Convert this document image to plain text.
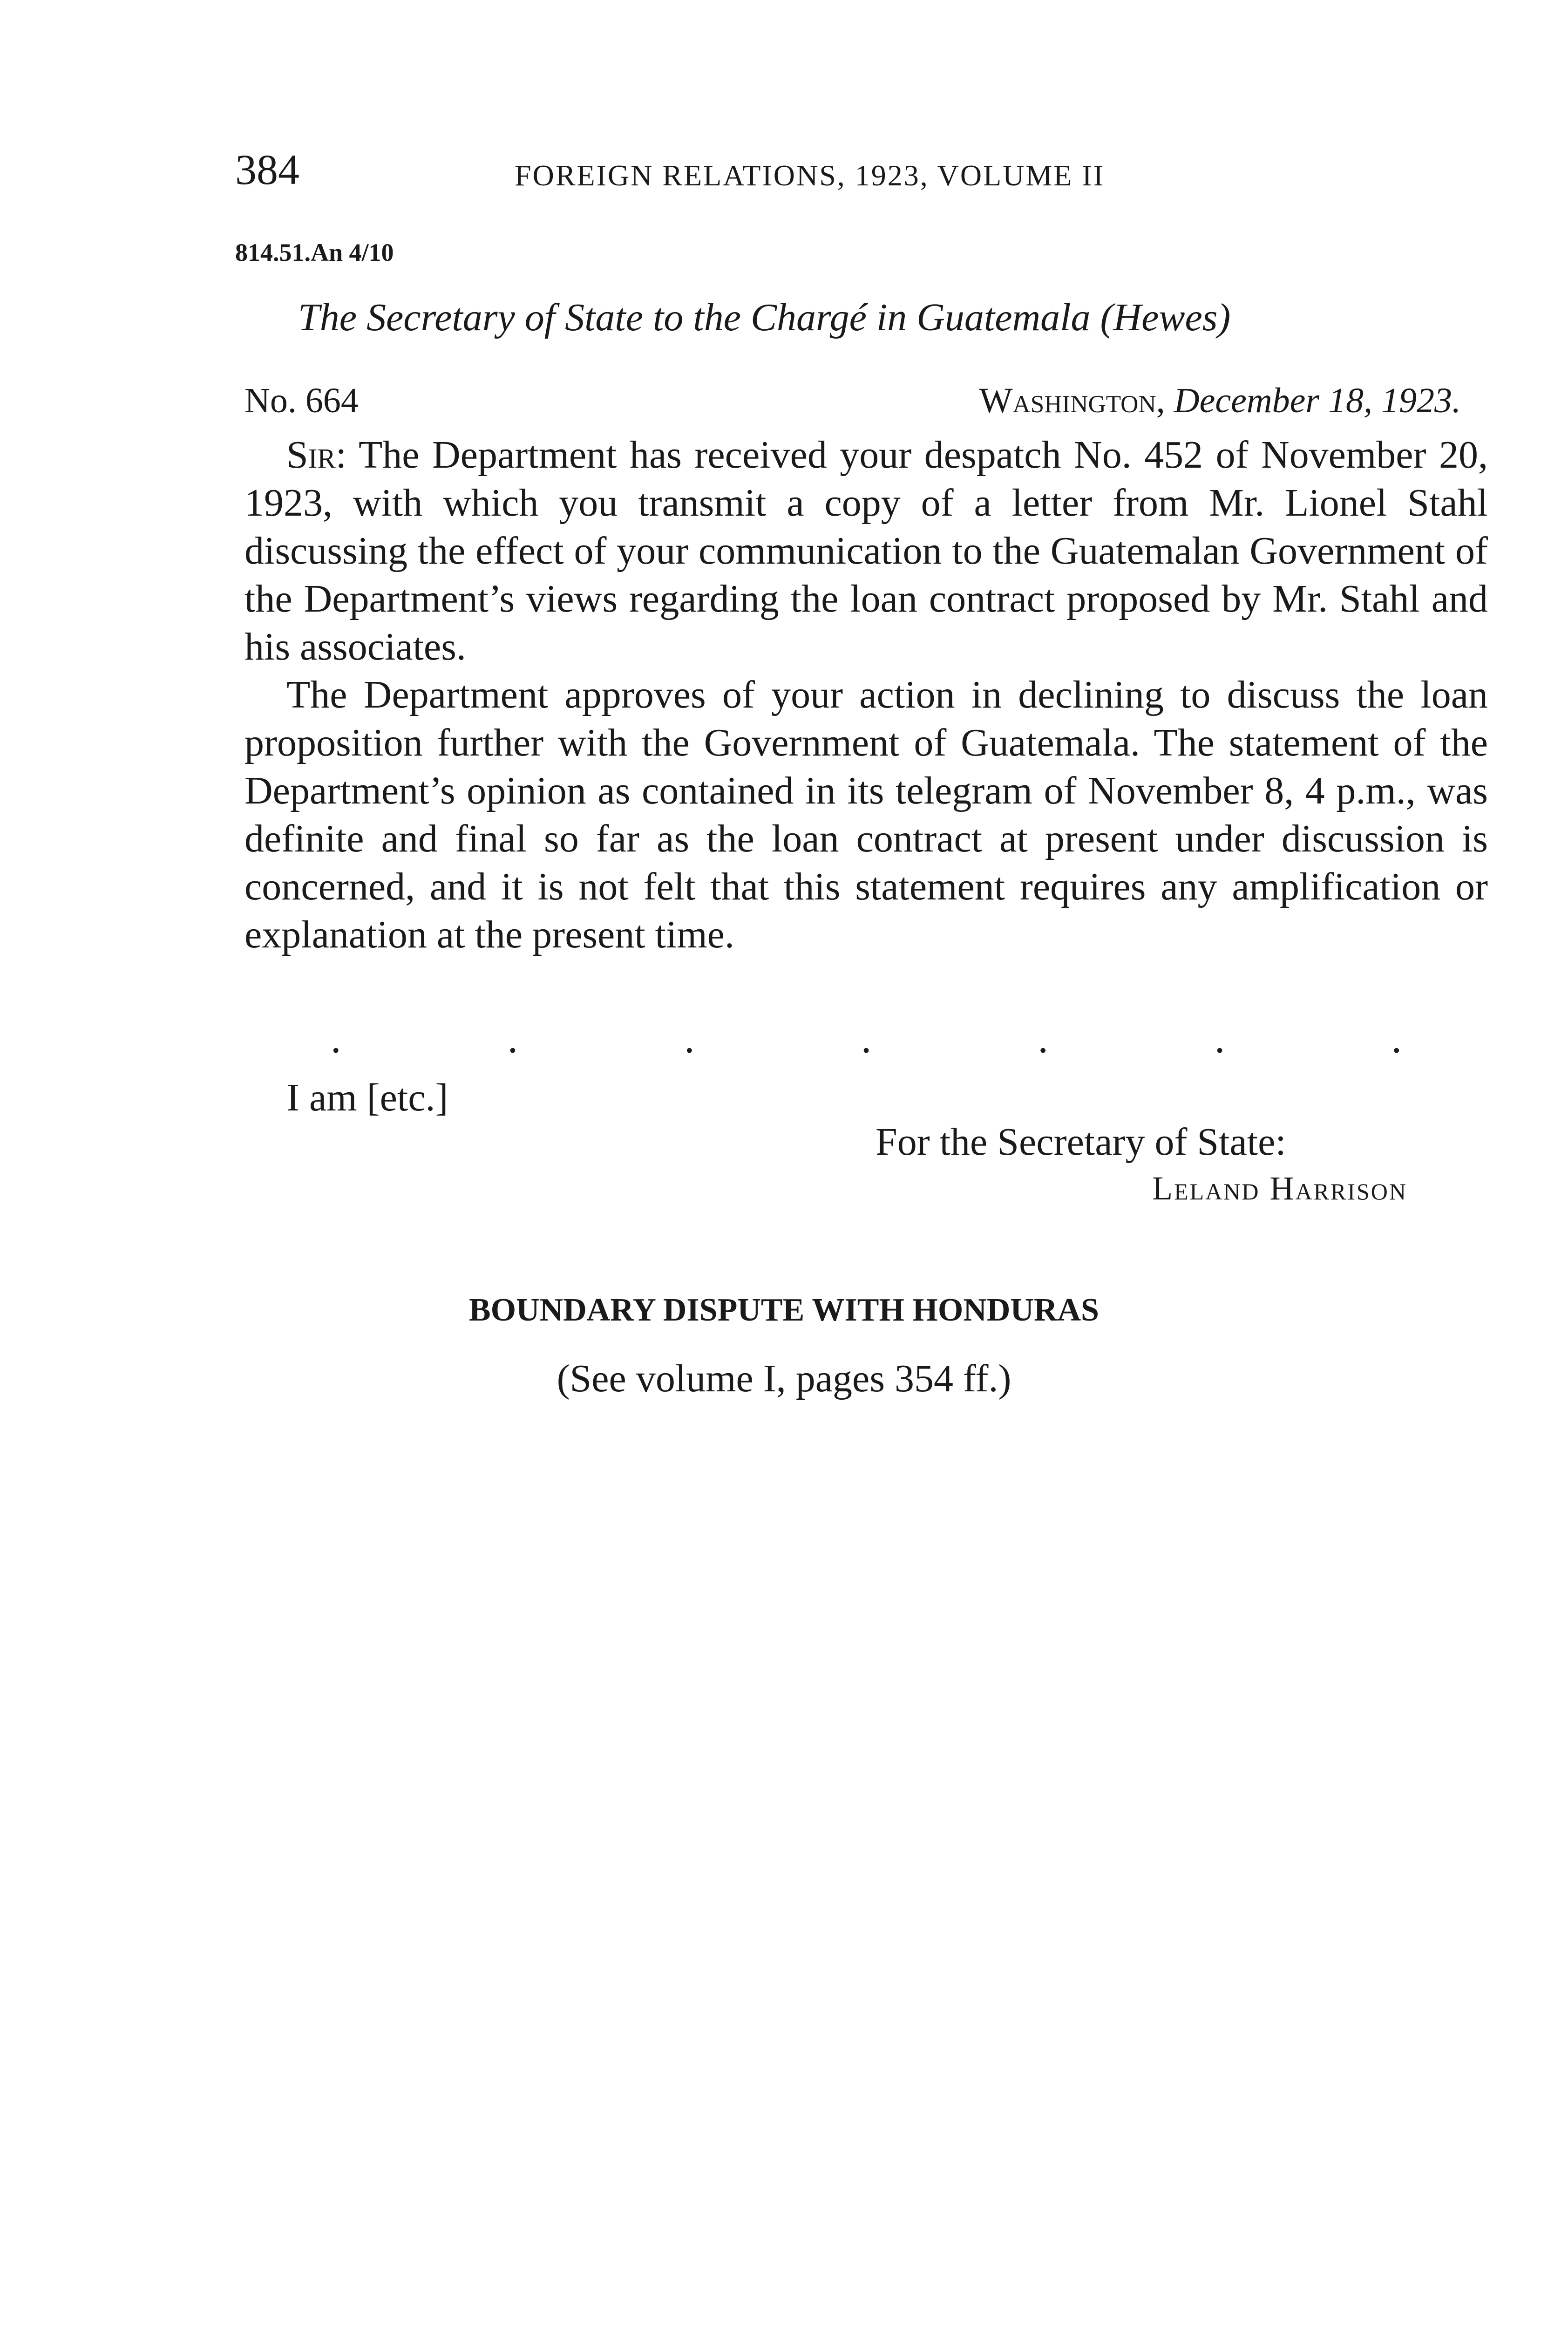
384	FOREIGN RELATIONS, 1923, VOLUME II
814.51.An 4/10
The Secretary of State to the Chargé in Guatemala (Hewes)
No. 664	Washington, December 18, 1923.

Sir: The Department has received your despatch No. 452 of November 20, 1923, with which you transmit a copy of a letter from Mr. Lionel Stahl discussing the effect of your communication to the Guatemalan Government of the Department’s views regarding the loan contract proposed by Mr. Stahl and his associates.

The Department approves of your action in declining to discuss the loan proposition further with the Government of Guatemala. The statement of the Department’s opinion as contained in its telegram of November 8, 4 p.m., was definite and final so far as the loan contract at present under discussion is concerned, and it is not felt that this statement requires any amplification or explanation at the present time.

.	.	.	.	.	.	.
I am [etc.]
For the Secretary of State:
Leland Harrison
BOUNDARY DISPUTE WITH HONDURAS
(See volume I, pages 354 ff.)
